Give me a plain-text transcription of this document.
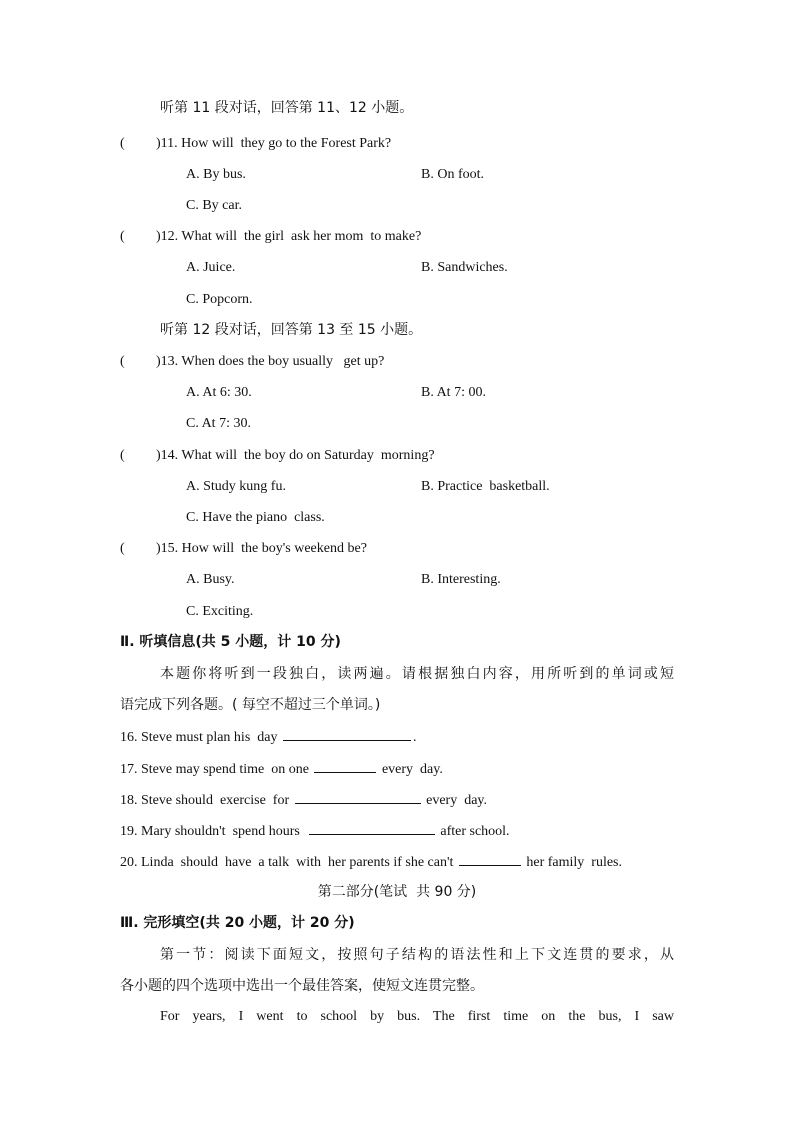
听第 11 段对话，回答第 11、12 小题。
( )11. How will  they go to the Forest Park?
A. By bus.	B. On foot.
C. By car.
( )12. What will  the girl  ask her mom  to make?
A. Juice.	B. Sandwiches.
C. Popcorn.
听第 12 段对话，回答第 13 至 15 小题。
( )13. When does the boy usually   get up?
A. At 6: 30.	B. At 7: 00.
C. At 7: 30.
( )14. What will  the boy do on Saturday  morning?
A. Study kung fu.	B. Practice  basketball.
C. Have the piano  class.
( )15. How will  the boy's weekend be?
A. Busy.	B. Interesting.
C. Exciting.
Ⅱ. 听填信息(共 5 小题，计 10 分)
本题你将听到一段独白，读两遍。请根据独白内容，用所听到的单词或短
语完成下列各题。( 每空不超过三个单词。)
16. Steve must plan his  day	.
17. Steve may spend time  on one	every  day.
18. Steve should  exercise  for	every  day.
19. Mary shouldn't  spend hours	after school.
20. Linda  should  have  a talk  with  her parents if she can't	her family  rules.
第二部分(笔试  共 90 分)
Ⅲ. 完形填空(共 20 小题，计 20 分)
第一节：阅读下面短文，按照句子结构的语法性和上下文连贯的要求，从
各小题的四个选项中选出一个最佳答案，使短文连贯完整。
For years, I went to school by bus. The first time on the bus, I saw
